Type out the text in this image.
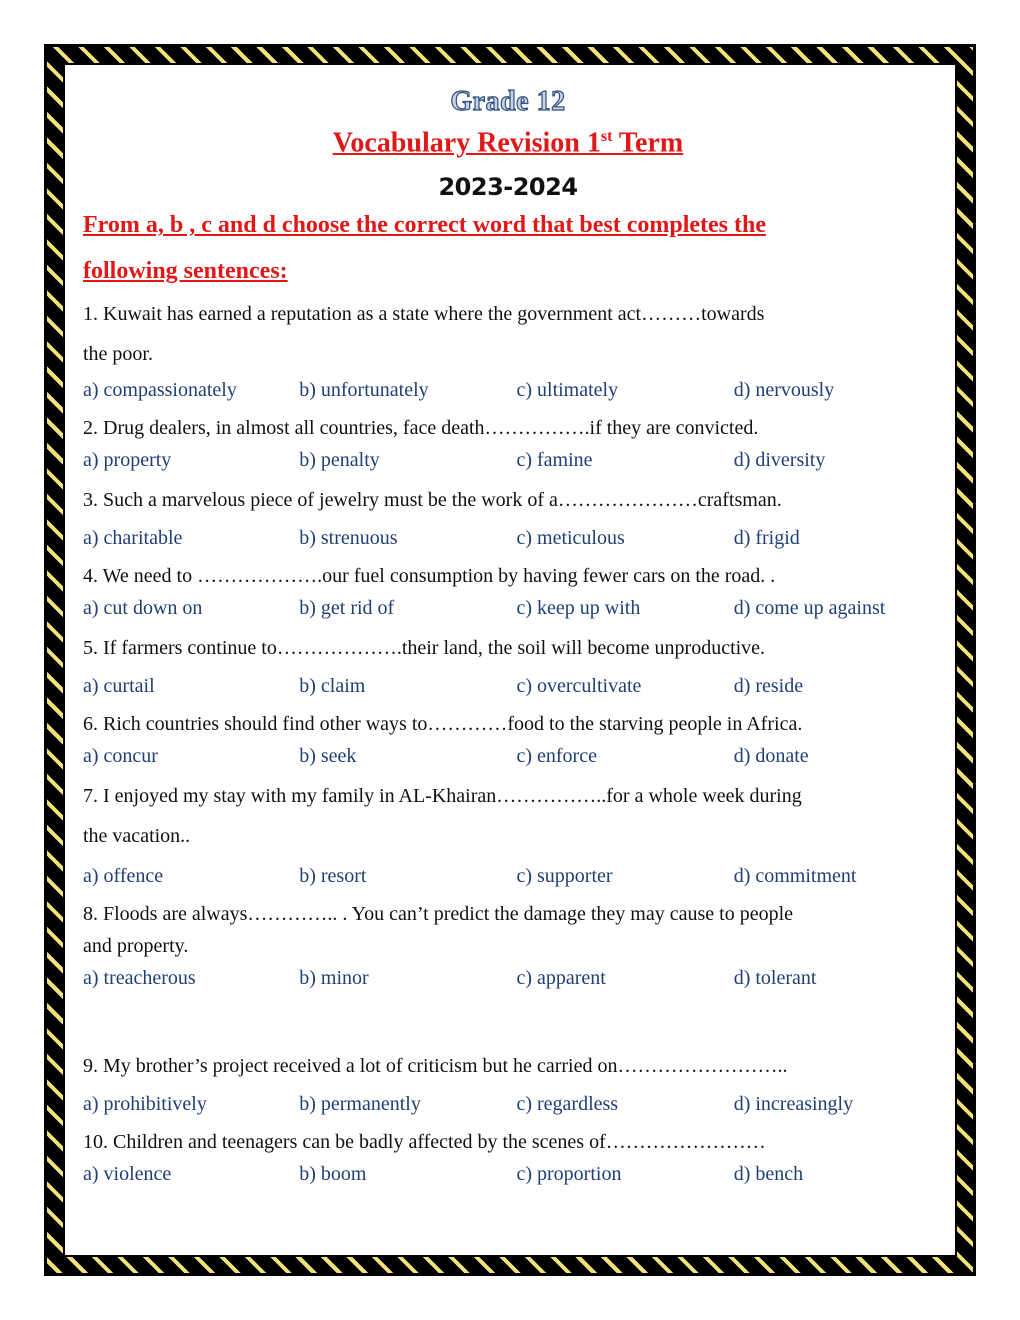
Grade 12
Vocabulary Revision 1st Term
2023-2024

From a, b , c and d choose the correct word that best completes the

following sentences:

1. Kuwait has earned a reputation as a state where the government act………towards

the poor.

a) compassionately	b) unfortunately	c) ultimately	d) nervously

2. Drug dealers, in almost all countries, face death…………….if they are convicted.

a) property	b) penalty	c) famine	d) diversity

3. Such a marvelous piece of jewelry must be the work of a…………………craftsman.

a) charitable	b) strenuous	c) meticulous	d) frigid

4. We need to ……………….our fuel consumption by having fewer cars on the road. .

a) cut down on	b) get rid of	c) keep up with	d) come up against

5. If farmers continue to……………….their land, the soil will become unproductive.

a) curtail	b) claim	c) overcultivate	d) reside

6. Rich countries should find other ways to…………food to the starving people in Africa.

a) concur	b) seek	c) enforce	d) donate

7. I enjoyed my stay with my family in AL-Khairan……………..for a whole week during

the vacation..

a) offence	b) resort	c) supporter	d) commitment

8. Floods are always………….. . You can’t predict the damage they may cause to people

and property.

a) treacherous	b) minor	c) apparent	d) tolerant

9. My brother’s project received a lot of criticism but he carried on……………………..

a) prohibitively	b) permanently	c) regardless	d) increasingly

10. Children and teenagers can be badly affected by the scenes of……………………

a) violence	b) boom	c) proportion	d) bench
